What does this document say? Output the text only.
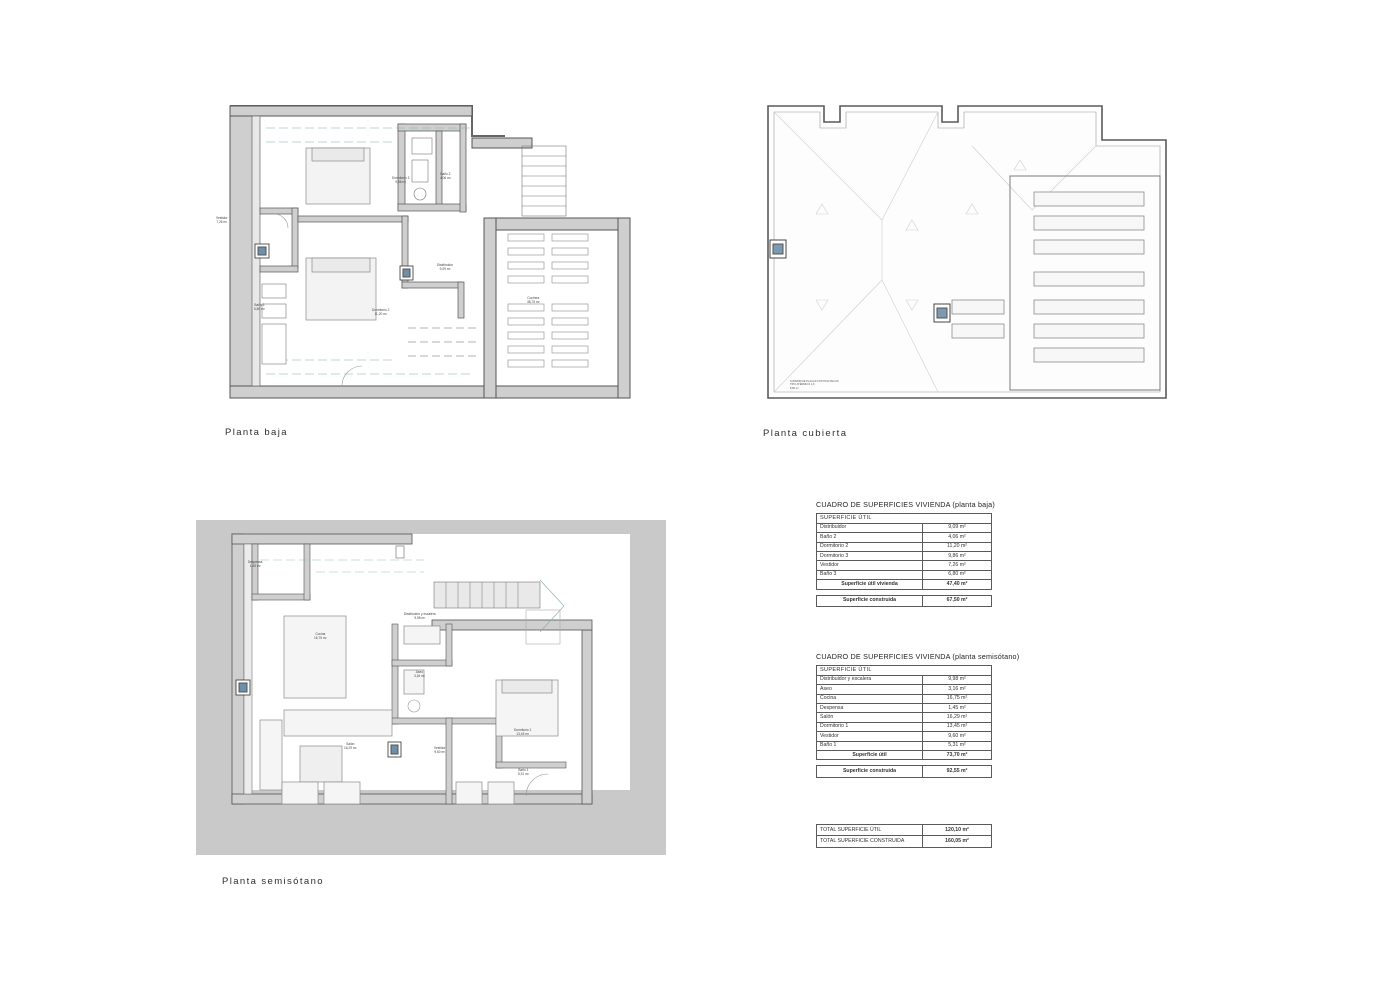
Dormitorio 3
9,86 m²
Baño 2
4,06 m²
Vestidor
7,26 m²
Baño 3
6,80 m²	Dormitorio 2
11,20 m²
Distribuidor
9,09 m²
Cochera
38,75 m²
Planta baja
SUPERFICIE PLACAS FOTOVOLTAICAS
TIPO ATÉRMICO 1,6
8,80 m²
Planta cubierta
Despensa
1,45 m²
Cocina
16,75 m²
Distribuidor y escalera
9,98 m²
Salón
16,29 m²
Aseo
3,16 m²
Vestidor
9,60 m²
Dormitorio 1
13,45 m²
Baño 1
5,31 m²
Planta semisótano
CUADRO DE SUPERFICIES VIVIENDA (planta baja)
SUPERFICIE ÚTIL	
Distribuidor	9,09 m²
Baño 2	4,06 m²
Dormitorio 2	11,20 m²
Dormitorio 3	9,86 m²
Vestidor	7,26 m²
Baño 3	6,80 m²
Superficie útil vivienda	47,40 m²
Superficie construida	67,50 m²
CUADRO DE SUPERFICIES VIVIENDA (planta semisótano)
SUPERFICIE ÚTIL	
Distribuidor y escalera	9,98 m²
Aseo	3,16 m²
Cocina	16,75 m²
Despensa	1,45 m²
Salón	16,29 m²
Dormitorio 1	13,45 m²
Vestidor	9,60 m²
Baño 1	5,31 m²
Superficie útil	73,70 m²
Superficie construida	92,55 m²
TOTAL SUPERFICIE ÚTIL	120,10 m²
TOTAL SUPERFICIE CONSTRUIDA	160,05 m²
